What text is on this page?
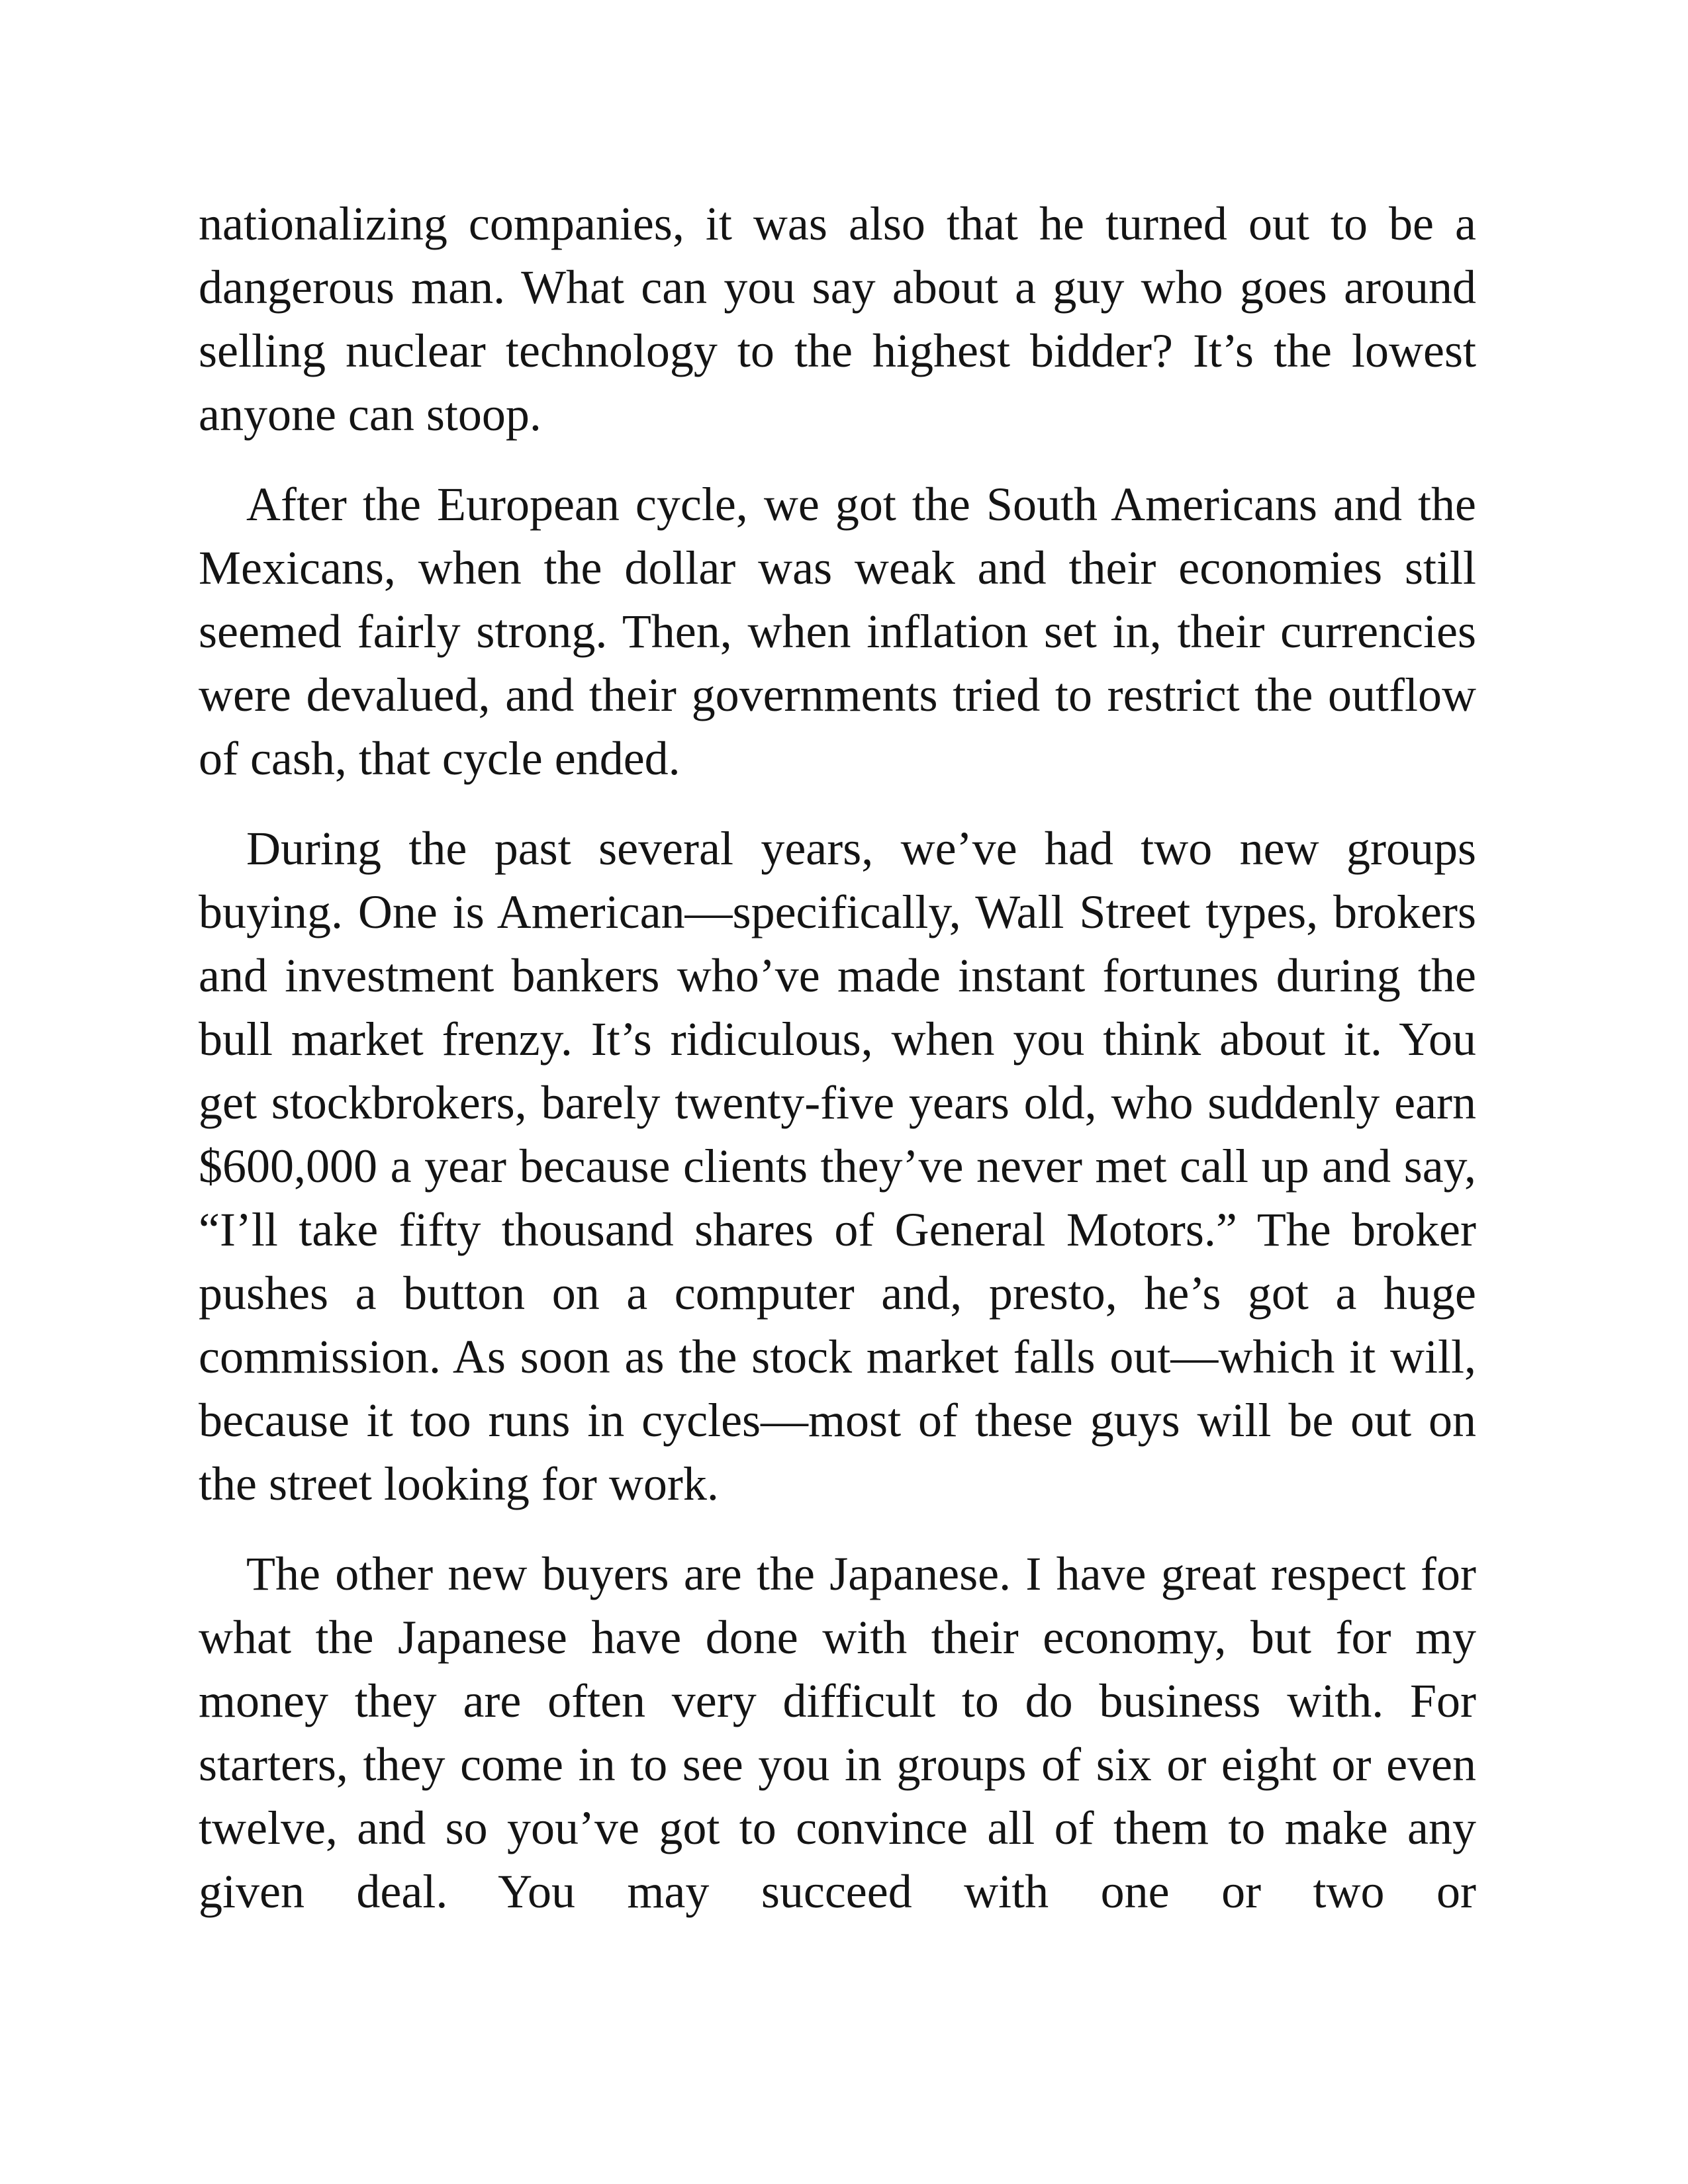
nationalizing companies, it was also that he turned out to be a dangerous man. What can you say about a guy who goes around selling nuclear technology to the highest bidder? It’s the lowest anyone can stoop.

After the European cycle, we got the South Americans and the Mexicans, when the dollar was weak and their economies still seemed fairly strong. Then, when inflation set in, their currencies were devalued, and their governments tried to restrict the outflow of cash, that cycle ended.

During the past several years, we’ve had two new groups buying. One is American—specifically, Wall Street types, brokers and investment bankers who’ve made instant fortunes during the bull market frenzy. It’s ridiculous, when you think about it. You get stockbrokers, barely twenty-five years old, who suddenly earn $600,000 a year because clients they’ve never met call up and say, “I’ll take fifty thousand shares of General Motors.” The broker pushes a button on a computer and, presto, he’s got a huge commission. As soon as the stock market falls out—which it will, because it too runs in cycles—most of these guys will be out on the street looking for work.

The other new buyers are the Japanese. I have great respect for what the Japanese have done with their economy, but for my money they are often very difficult to do business with. For starters, they come in to see you in groups of six or eight or even twelve, and so you’ve got to convince all of them to make any given deal. You may succeed with one or two or
